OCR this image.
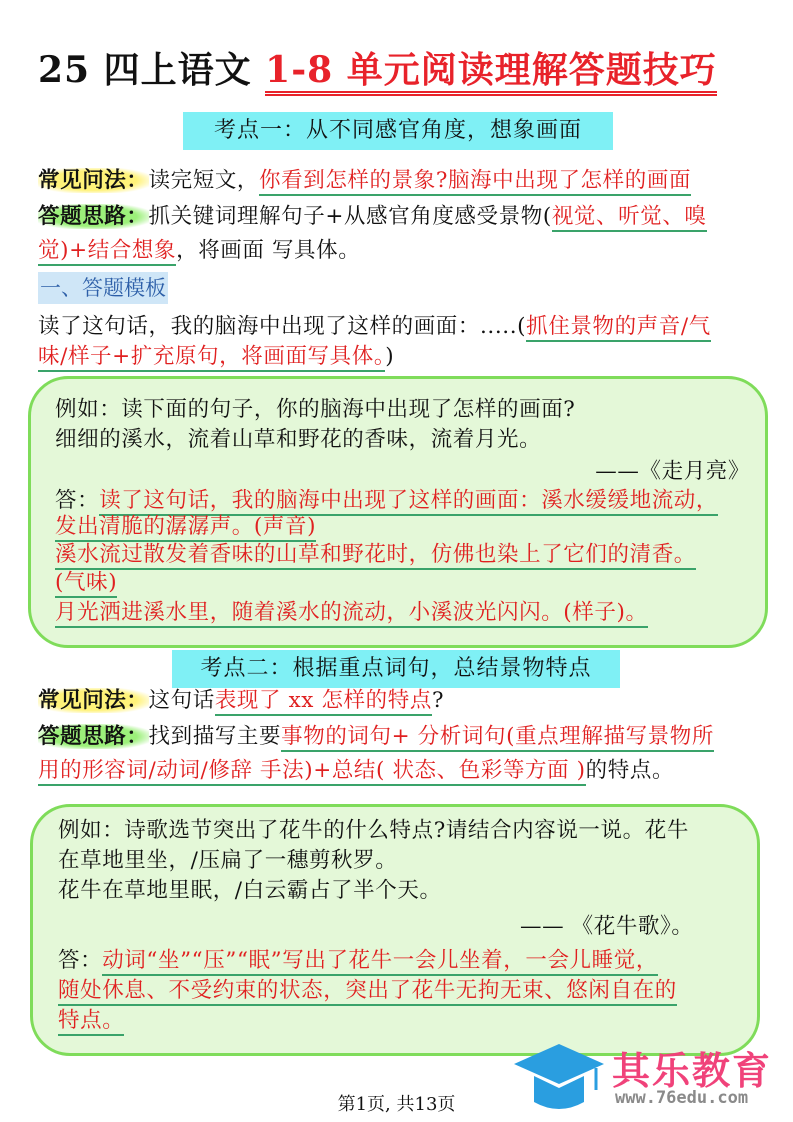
25 四上语文 1-8 单元阅读理解答题技巧
考点一：从不同感官角度，想象画面
常见问法：读完短文，你看到怎样的景象?脑海中出现了怎样的画面
答题思路：抓关键词理解句子+从感官角度感受景物(视觉、听觉、嗅
觉)+结合想象，将画面 写具体。
一、答题模板
读了这句话，我的脑海中出现了这样的画面：.....(抓住景物的声音/气
味/样子+扩充原句，将画面写具体。)
例如：读下面的句子，你的脑海中出现了怎样的画面?
细细的溪水，流着山草和野花的香味，流着月光。
——《走月亮》
答：读了这句话，我的脑海中出现了这样的画面：溪水缓缓地流动，
发出清脆的潺潺声。(声音)
溪水流过散发着香味的山草和野花时，仿佛也染上了它们的清香。
(气味)
月光洒进溪水里，随着溪水的流动，小溪波光闪闪。(样子)。
考点二：根据重点词句，总结景物特点
常见问法：这句话表现了 xx 怎样的特点?
答题思路：找到描写主要事物的词句+ 分析词句(重点理解描写景物所
用的形容词/动词/修辞 手法)+总结( 状态、色彩等方面 )的特点。
例如：诗歌选节突出了花牛的什么特点?请结合内容说一说。花牛
在草地里坐，/压扁了一穗剪秋罗。
花牛在草地里眠，/白云霸占了半个天。
—— 《花牛歌》。
答：动词“坐”“压”“眠”写出了花牛一会儿坐着，一会儿睡觉，
随处休息、不受约束的状态，突出了花牛无拘无束、悠闲自在的
特点。
其乐教育
www.76edu.com
第1页, 共13页
